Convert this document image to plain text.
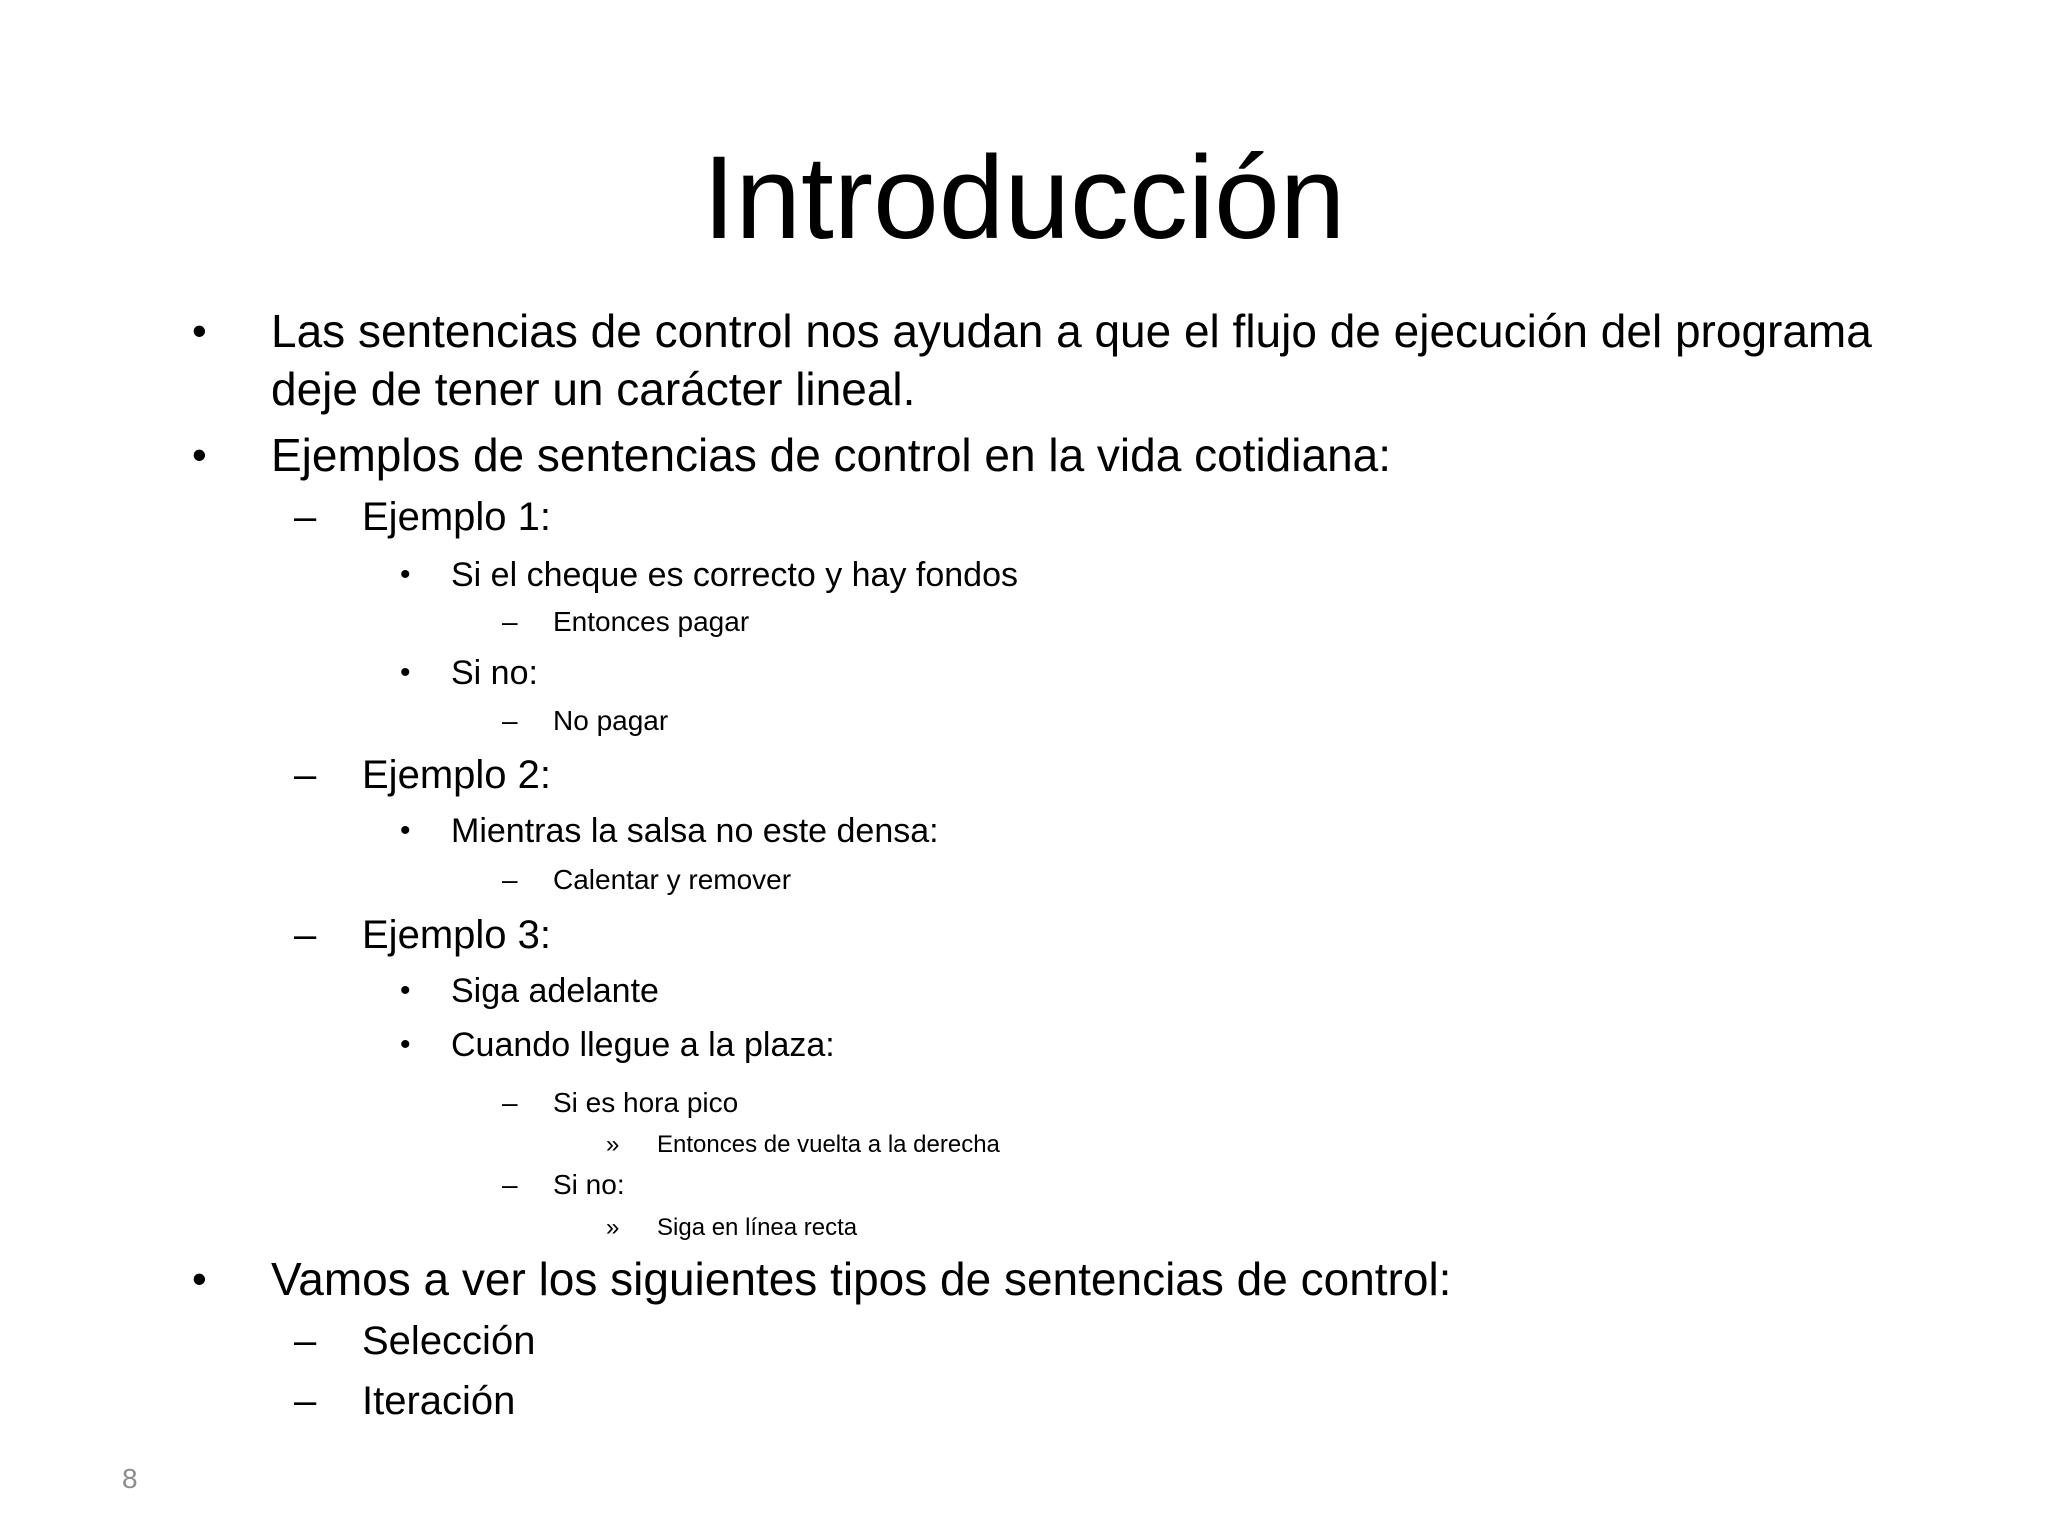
Introducción
• Las sentencias de control nos ayudan a que el flujo de ejecución del programa
deje de tener un carácter lineal.
• Ejemplos de sentencias de control en la vida cotidiana:
– Ejemplo 1:
• Si el cheque es correcto y hay fondos
– Entonces pagar
• Si no:
– No pagar
– Ejemplo 2:
• Mientras la salsa no este densa:
– Calentar y remover
– Ejemplo 3:
• Siga adelante
• Cuando llegue a la plaza:
– Si es hora pico
» Entonces de vuelta a la derecha
– Si no:
» Siga en línea recta
• Vamos a ver los siguientes tipos de sentencias de control:
– Selección
– Iteración
8
